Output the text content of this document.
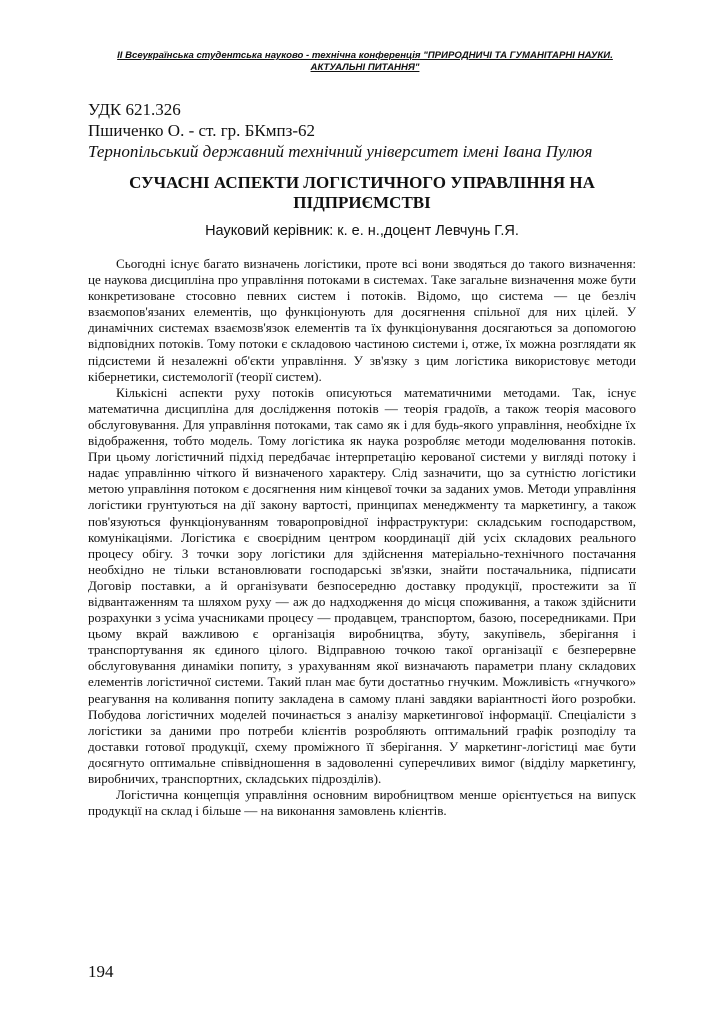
ІІ Всеукраїнська студентська науково - технічна конференція "ПРИРОДНИЧІ ТА ГУМАНІТАРНІ НАУКИ.
АКТУАЛЬНІ ПИТАННЯ"
УДК 621.326
Пшиченко О. - ст. гр. БКмпз-62
Тернопільський державний технічний університет імені Івана Пулюя
СУЧАСНІ АСПЕКТИ ЛОГІСТИЧНОГО УПРАВЛІННЯ НА
ПІДПРИЄМСТВІ
Науковий керівник: к. е. н.,доцент Левчунь Г.Я.

Сьогодні існує багато визначень логістики, проте всі вони зводяться до такого визначення: це наукова дисципліна про управління потоками в системах. Таке загальне визначення може бути конкретизоване стосовно певних систем і потоків. Відомо, що система — це безліч взаємопов'язаних елементів, що функціонують для досягнення спільної для них цілей. У динамічних системах взаємозв'язок елементів та їх функціонування досягаються за допомогою відповідних потоків. Тому потоки є складовою частиною системи і, отже, їх можна розглядати як підсистеми й незалежні об'єкти управління. У зв'язку з цим логістика використовує методи кібернетики, системології (теорії систем).

Кількісні аспекти руху потоків описуються математичними методами. Так, існує математична дисципліна для дослідження потоків — теорія градоїв, а також теорія масового обслуговування. Для управління потоками, так само як і для будь-якого управління, необхідне їх відображення, тобто модель. Тому логістика як наука розробляє методи моделювання потоків. При цьому логістичний підхід передбачає інтерпретацію керованої системи у вигляді потоку і надає управлінню чіткого й визначеного характеру. Слід зазначити, що за сутністю логістики метою управління потоком є досягнення ним кінцевої точки за заданих умов. Методи управління логістики грунтуються на дії закону вартості, принципах менеджменту та маркетингу, а також пов'язуються функціонуванням товаропровідної інфраструктури: складським господарством, комунікаціями. Логістика є своєрідним центром координації дій усіх складових реального процесу обігу. З точки зору логістики для здійснення матеріально-технічного постачання необхідно не тільки встановлювати господарські зв'язки, знайти постачальника, підписати Договір поставки, а й організувати безпосередню доставку продукції, простежити за її відвантаженням та шляхом руху — аж до надходження до місця споживання, а також здійснити розрахунки з усіма учасниками процесу — продавцем, транспортом, базою, посередниками. При цьому вкрай важливою є організація виробництва, збуту, закупівель, зберігання і транспортування як єдиного цілого. Відправною точкою такої організації є безперервне обслуговування динаміки попиту, з урахуванням якої визначають параметри плану складових елементів логістичної системи. Такий план має бути достатньо гнучким. Можливість «гнучкого» реагування на коливання попиту закладена в самому плані завдяки варіантності його розробки. Побудова логістичних моделей починається з аналізу маркетингової інформації. Спеціалісти з логістики за даними про потреби клієнтів розробляють оптимальний графік розподілу та доставки готової продукції, схему проміжного її зберігання. У маркетинг-логістиці має бути досягнуто оптимальне співвідношення в задоволенні суперечливих вимог (відділу маркетингу, виробничих, транспортних, складських підрозділів).

Логістична концепція управління основним виробництвом менше орієнтується на випуск продукції на склад і більше — на виконання замовлень клієнтів.

194
